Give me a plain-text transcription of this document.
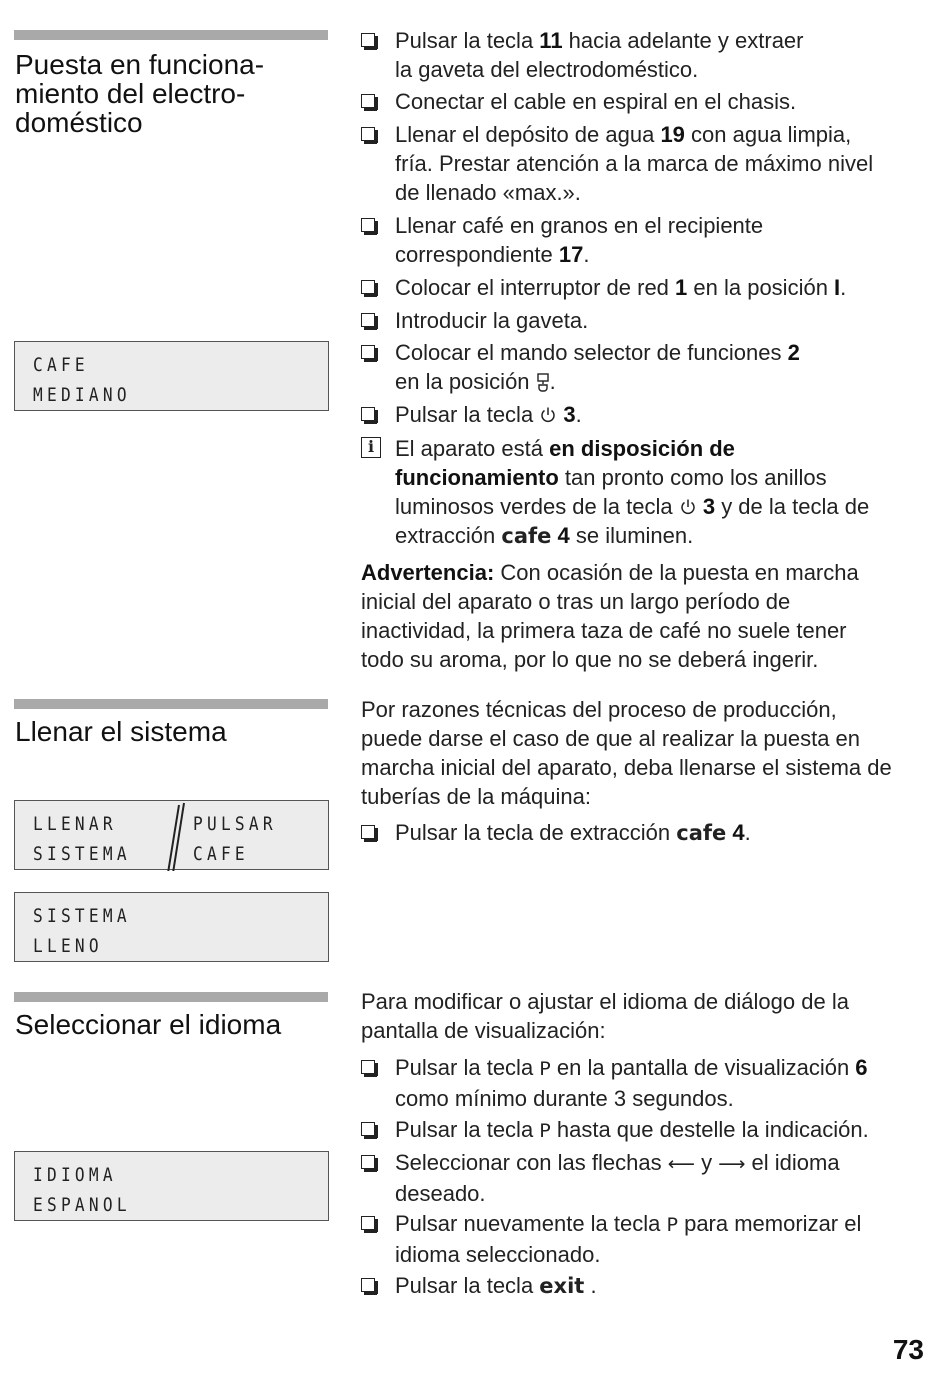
Puesta en funciona-
miento del electro-
doméstico
CAFE
MEDIANO
Pulsar la tecla 11 hacia adelante y extraer
la gaveta del electrodoméstico.
Conectar el cable en espiral en el chasis.
Llenar el depósito de agua 19 con agua limpia,
fría. Prestar atención a la marca de máximo nivel
de llenado «max.».
Llenar café en granos en el recipiente
correspondiente 17.
Colocar el interruptor de red 1 en la posición I.
Introducir la gaveta.
Colocar el mando selector de funciones 2
en la posición .
Pulsar la tecla  3.
i El aparato está en disposición de
funcionamiento tan pronto como los anillos
luminosos verdes de la tecla  3 y de la tecla de
extracción cafe 4 se iluminen.
Advertencia: Con ocasión de la puesta en marcha
inicial del aparato o tras un largo período de
inactividad, la primera taza de café no suele tener
todo su aroma, por lo que no se deberá ingerir.
Llenar el sistema
LLENAR
SISTEMA
PULSAR
CAFE
SISTEMA
LLENO
Por razones técnicas del proceso de producción,
puede darse el caso de que al realizar la puesta en
marcha inicial del aparato, deba llenarse el sistema de
tuberías de la máquina:
Pulsar la tecla de extracción cafe 4.
Seleccionar el idioma
IDIOMA
ESPANOL
Para modificar o ajustar el idioma de diálogo de la
pantalla de visualización:
Pulsar la tecla P en la pantalla de visualización 6
como mínimo durante 3 segundos.
Pulsar la tecla P hasta que destelle la indicación.
Seleccionar con las flechas ⟵ y ⟶ el idioma
deseado.
Pulsar nuevamente la tecla P para memorizar el
idioma seleccionado.
Pulsar la tecla exit .
73
